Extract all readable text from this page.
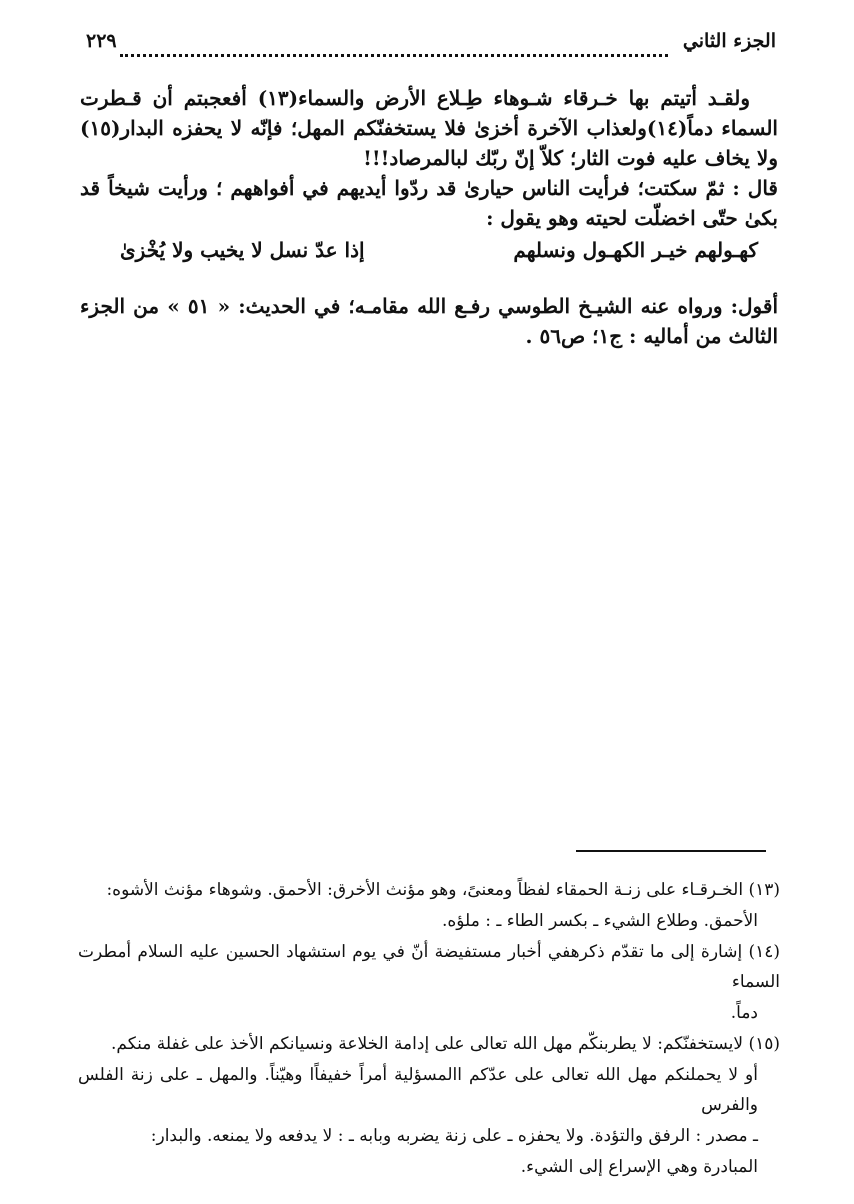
الجزء الثاني
٢٢٩

ولقـد أتيتم بها خـرقاء شـوهاء طِـلاع الأرض والسماء(١٣) أفعجبتم أن قـطرت السماء دماً(١٤)ولعذاب الآخرة أخزىٰ فلا يستخفنّكم المهل؛ فإنّه لا يحفزه البدار(١٥) ولا يخاف عليه فوت الثار؛ كلاّ إنّ ربّك لبالمرصاد!!!

قال : ثمّ سكتت؛ فرأيت الناس حيارىٰ قد ردّوا أيديهم في أفواههم ؛ ورأيت شيخاً قد بكىٰ حتّى اخضلّت لحيته وهو يقول :

كهـولهم خيـر الكهـول ونسلهم
إذا عدّ نسل لا يخيب ولا يُخْزىٰ

أقول: ورواه عنه الشيـخ الطوسي رفـع الله مقامـه؛ في الحديث: « ٥١ » من الجزء الثالث من أماليه : ج١؛ ص٥٦ .

(١٣) الخـرقـاء على زنـة الحمقاء لفظاً ومعنىً، وهو مؤنث الأخرق: الأحمق. وشوهاء مؤنث الأشوه:

الأحمق. وطلاع الشيء ـ بكسر الطاء ـ : ملؤه.

(١٤) إشارة إلى ما تقدّم ذكرهفي أخبار مستفيضة أنّ في يوم استشهاد الحسين عليه السلام أمطرت السماء

دماً.

(١٥) لايستخفنّكم: لا يطربنكّم مهل الله تعالى على إدامة الخلاعة ونسيانكم الأخذ على غفلة منكم.

أو لا يحملنكم مهل الله تعالى على عدّكم االمسؤلية أمراً خفيفاًا وهيّناً. والمهل ـ على زنة الفلس والفرس

ـ مصدر : الرفق والتؤدة. ولا يحفزه ـ على زنة يضربه وبابه ـ : لا يدفعه ولا يمنعه. والبدار:

المبادرة وهي الإسراع إلى الشيء.
